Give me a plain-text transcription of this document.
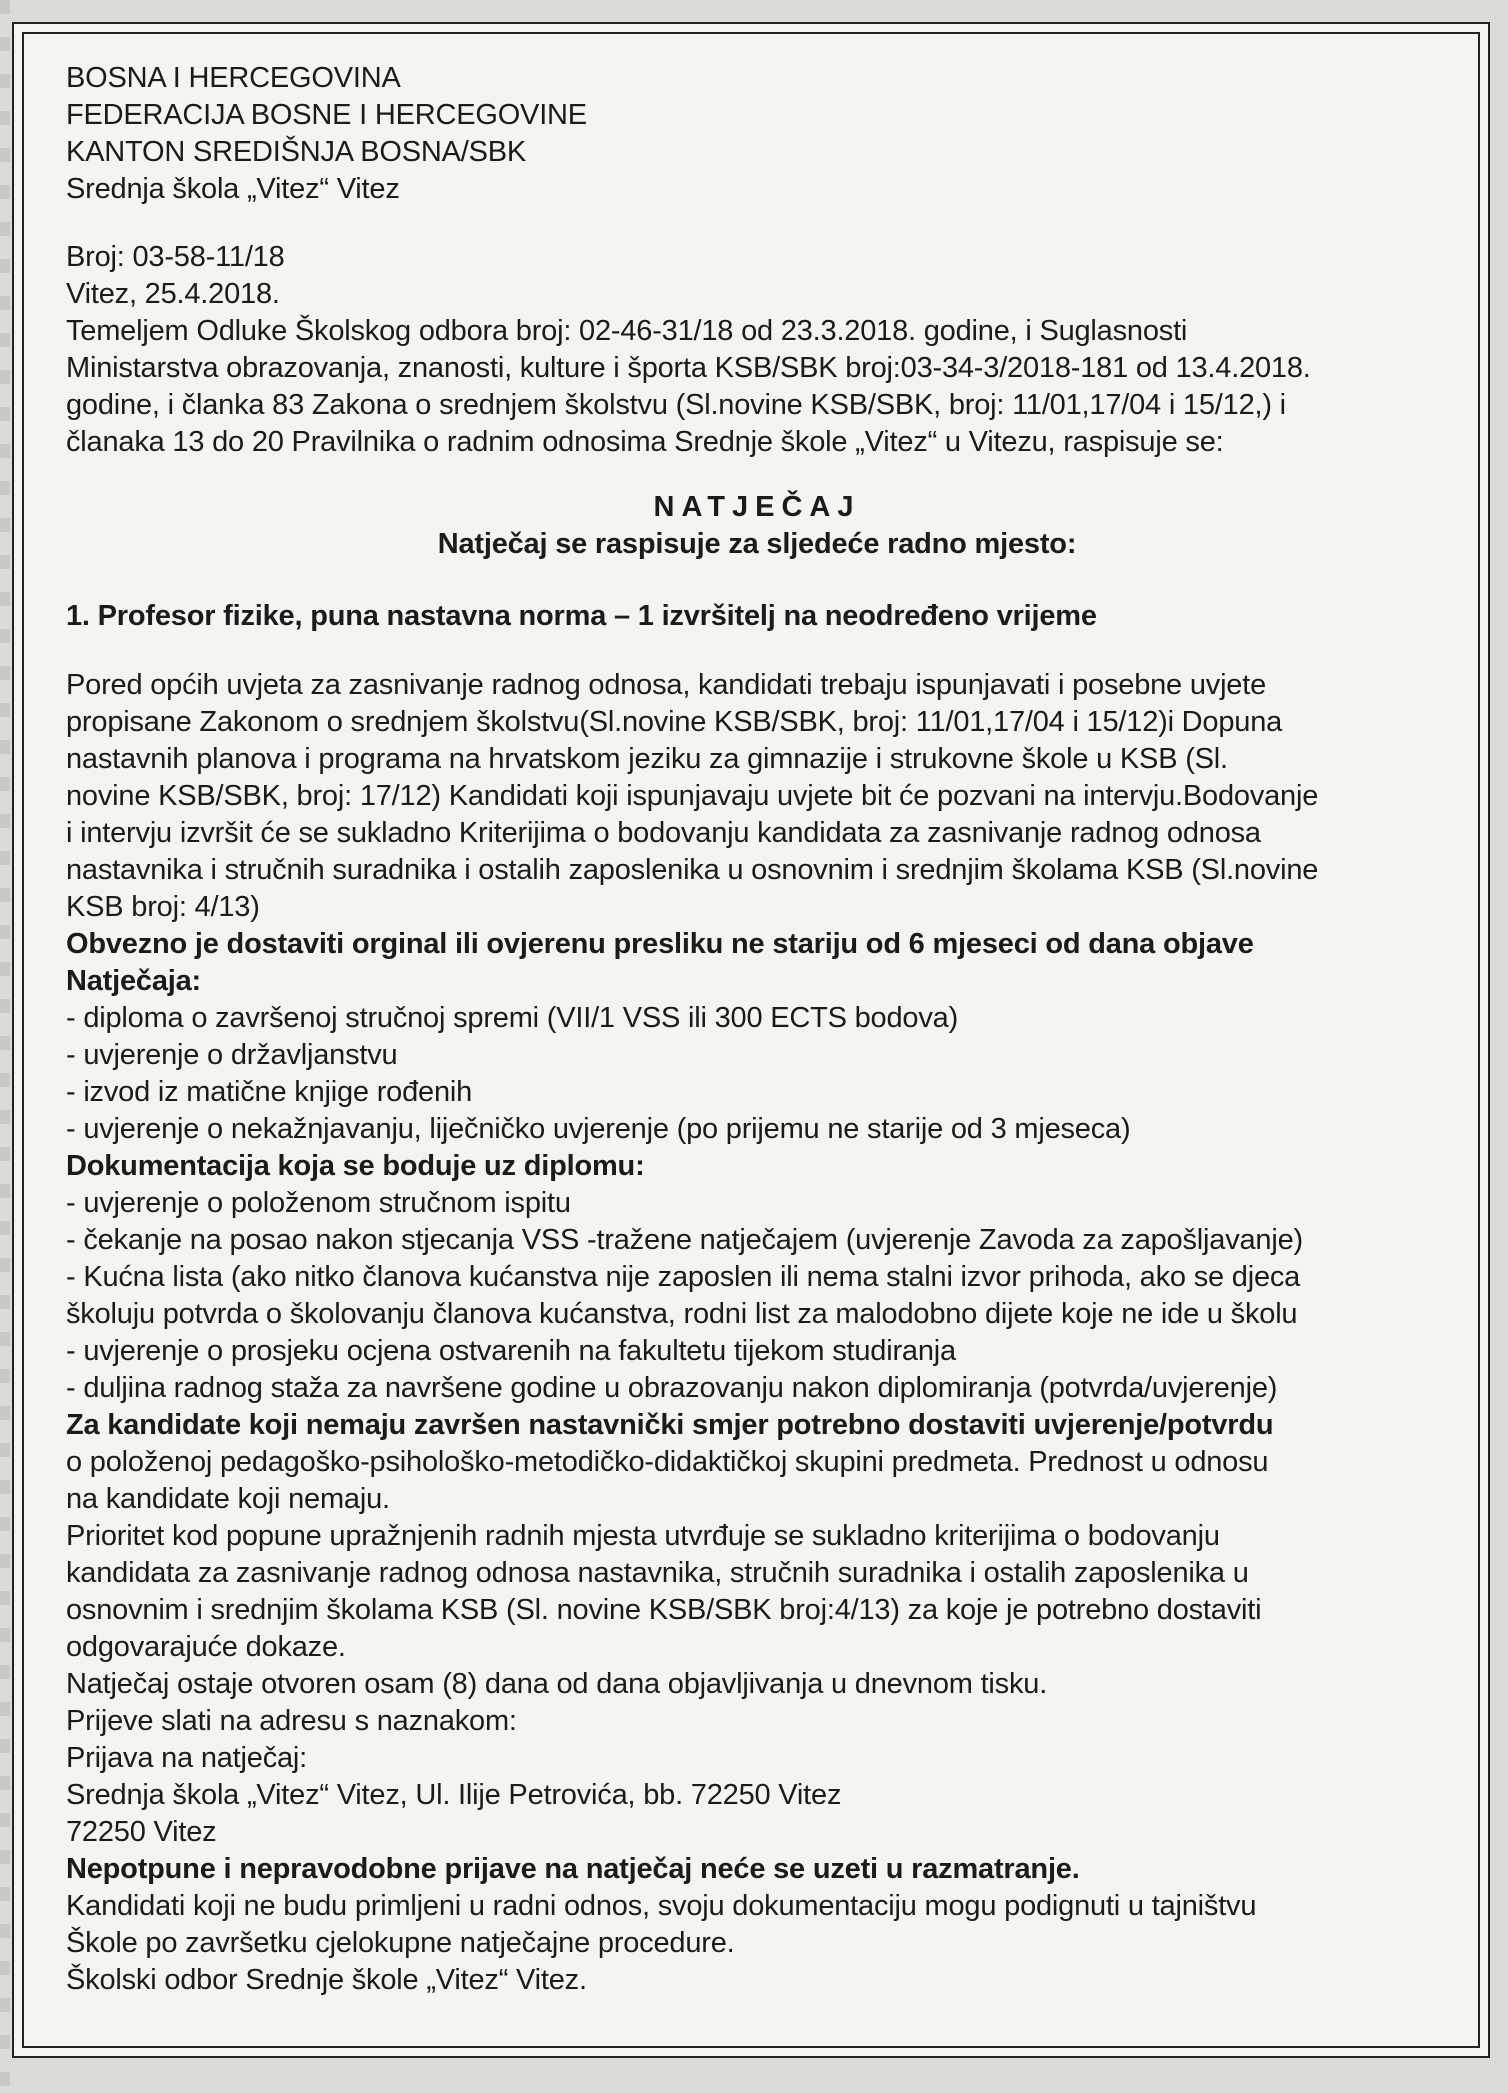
BOSNA I HERCEGOVINA
FEDERACIJA BOSNE I HERCEGOVINE
KANTON SREDIŠNJA BOSNA/SBK
Srednja škola „Vitez“ Vitez
Broj: 03-58-11/18
Vitez, 25.4.2018.
Temeljem Odluke Školskog odbora broj: 02-46-31/18 od 23.3.2018. godine, i Suglasnosti
Ministarstva obrazovanja, znanosti, kulture i športa KSB/SBK broj:03-34-3/2018-181 od 13.4.2018.
godine, i članka 83 Zakona o srednjem školstvu (Sl.novine KSB/SBK, broj: 11/01,17/04 i 15/12,) i
članaka 13 do 20 Pravilnika o radnim odnosima Srednje škole „Vitez“ u Vitezu, raspisuje se:
NATJEČAJ
Natječaj se raspisuje za sljedeće radno mjesto:
1. Profesor fizike, puna nastavna norma – 1 izvršitelj na neodređeno vrijeme
Pored općih uvjeta za zasnivanje radnog odnosa, kandidati trebaju ispunjavati i posebne uvjete
propisane Zakonom o srednjem školstvu(Sl.novine KSB/SBK, broj: 11/01,17/04 i 15/12)i Dopuna
nastavnih planova i programa na hrvatskom jeziku za gimnazije i strukovne škole u KSB (Sl.
novine KSB/SBK, broj: 17/12) Kandidati koji ispunjavaju uvjete bit će pozvani na intervju.Bodovanje
i intervju izvršit će se sukladno Kriterijima o bodovanju kandidata za zasnivanje radnog odnosa
nastavnika i stručnih suradnika i ostalih zaposlenika u osnovnim i srednjim školama KSB (Sl.novine
KSB broj: 4/13)
Obvezno je dostaviti orginal ili ovjerenu presliku ne stariju od 6 mjeseci od dana objave
Natječaja:
- diploma o završenoj stručnoj spremi (VII/1 VSS ili 300 ECTS bodova)
- uvjerenje o državljanstvu
- izvod iz matične knjige rođenih
- uvjerenje o nekažnjavanju, liječničko uvjerenje (po prijemu ne starije od 3 mjeseca)
Dokumentacija koja se boduje uz diplomu:
- uvjerenje o položenom stručnom ispitu
- čekanje na posao nakon stjecanja VSS -tražene natječajem (uvjerenje Zavoda za zapošljavanje)
- Kućna lista (ako nitko članova kućanstva nije zaposlen ili nema stalni izvor prihoda, ako se djeca
školuju potvrda o školovanju članova kućanstva, rodni list za malodobno dijete koje ne ide u školu
- uvjerenje o prosjeku ocjena ostvarenih na fakultetu tijekom studiranja
- duljina radnog staža za navršene godine u obrazovanju nakon diplomiranja (potvrda/uvjerenje)
Za kandidate koji nemaju završen nastavnički smjer potrebno dostaviti uvjerenje/potvrdu
o položenoj pedagoško-psihološko-metodičko-didaktičkoj skupini predmeta. Prednost u odnosu
na kandidate koji nemaju.
Prioritet kod popune upražnjenih radnih mjesta utvrđuje se sukladno kriterijima o bodovanju
kandidata za zasnivanje radnog odnosa nastavnika, stručnih suradnika i ostalih zaposlenika u
osnovnim i srednjim školama KSB (Sl. novine KSB/SBK broj:4/13) za koje je potrebno dostaviti
odgovarajuće dokaze.
Natječaj ostaje otvoren osam (8) dana od dana objavljivanja u dnevnom tisku.
Prijeve slati na adresu s naznakom:
Prijava na natječaj:
Srednja škola „Vitez“ Vitez, Ul. Ilije Petrovića, bb. 72250 Vitez
72250 Vitez
Nepotpune i nepravodobne prijave na natječaj neće se uzeti u razmatranje.
Kandidati koji ne budu primljeni u radni odnos, svoju dokumentaciju mogu podignuti u tajništvu
Škole po završetku cjelokupne natječajne procedure.
Školski odbor Srednje škole „Vitez“ Vitez.
